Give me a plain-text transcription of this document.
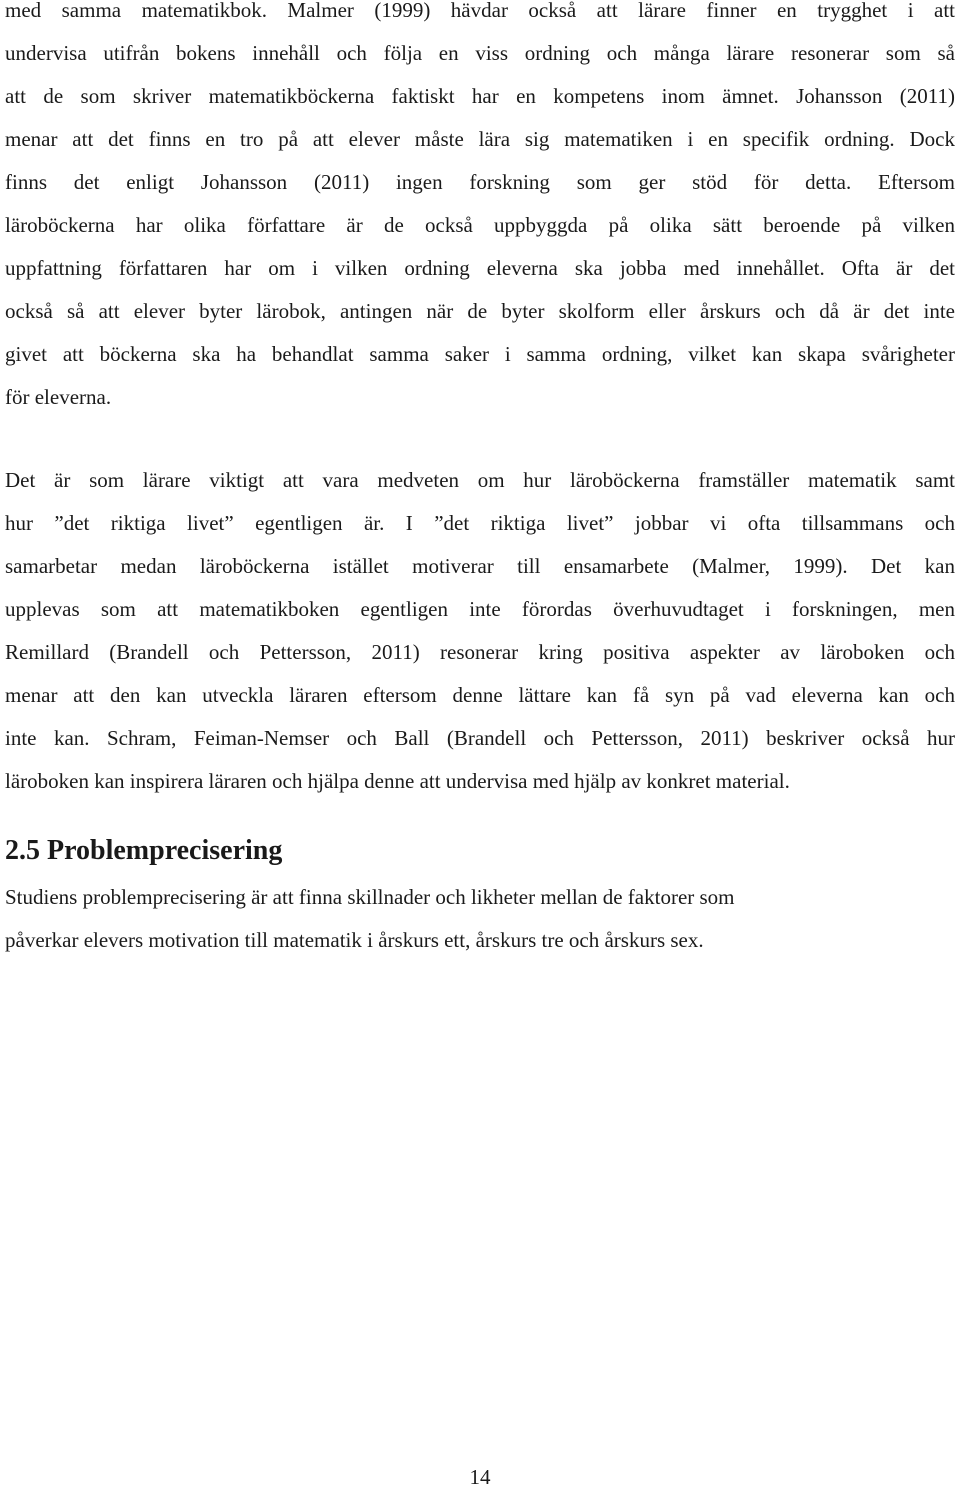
med samma matematikbok. Malmer (1999) hävdar också att lärare finner en trygghet i att
undervisa utifrån bokens innehåll och följa en viss ordning och många lärare resonerar som så
att de som skriver matematikböckerna faktiskt har en kompetens inom ämnet. Johansson (2011)
menar att det finns en tro på att elever måste lära sig matematiken i en specifik ordning. Dock
finns det enligt Johansson (2011) ingen forskning som ger stöd för detta. Eftersom
läroböckerna har olika författare är de också uppbyggda på olika sätt beroende på vilken
uppfattning författaren har om i vilken ordning eleverna ska jobba med innehållet. Ofta är det
också så att elever byter lärobok, antingen när de byter skolform eller årskurs och då är det inte
givet att böckerna ska ha behandlat samma saker i samma ordning, vilket kan skapa svårigheter
för eleverna.
Det är som lärare viktigt att vara medveten om hur läroböckerna framställer matematik samt
hur ”det riktiga livet” egentligen är. I ”det riktiga livet” jobbar vi ofta tillsammans och
samarbetar medan läroböckerna istället motiverar till ensamarbete (Malmer, 1999). Det kan
upplevas som att matematikboken egentligen inte förordas överhuvudtaget i forskningen, men
Remillard (Brandell och Pettersson, 2011) resonerar kring positiva aspekter av läroboken och
menar att den kan utveckla läraren eftersom denne lättare kan få syn på vad eleverna kan och
inte kan. Schram, Feiman-Nemser och Ball (Brandell och Pettersson, 2011) beskriver också hur
läroboken kan inspirera läraren och hjälpa denne att undervisa med hjälp av konkret material.
2.5 Problemprecisering
Studiens problemprecisering är att finna skillnader och likheter mellan de faktorer som
påverkar elevers motivation till matematik i årskurs ett, årskurs tre och årskurs sex.
14
